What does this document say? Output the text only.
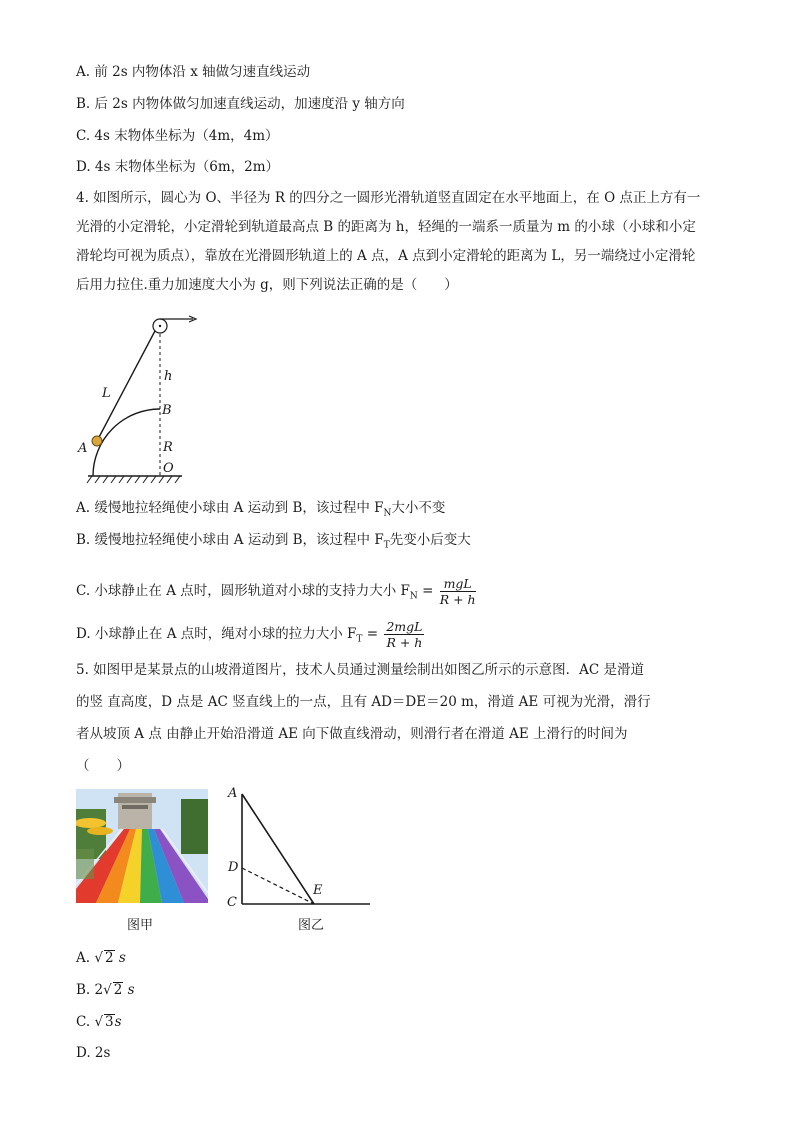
A. 前 2s 内物体沿 x 轴做匀速直线运动
B. 后 2s 内物体做匀加速直线运动，加速度沿 y 轴方向
C. 4s 末物体坐标为（4m，4m）
D. 4s 末物体坐标为（6m，2m）
4. 如图所示，圆心为 O、半径为 R 的四分之一圆形光滑轨道竖直固定在水平地面上，在 O 点正上方有一
光滑的小定滑轮，小定滑轮到轨道最高点 B 的距离为 h，轻绳的一端系一质量为 m 的小球（小球和小定
滑轮均可视为质点），靠放在光滑圆形轨道上的 A 点，A 点到小定滑轮的距离为 L，另一端绕过小定滑轮
后用力拉住.重力加速度大小为 g，则下列说法正确的是（　　）
L
h
B
R
A
O
A. 缓慢地拉轻绳使小球由 A 运动到 B，该过程中 $F_N$大小不变
B. 缓慢地拉轻绳使小球由 A 运动到 B，该过程中 $F_T$先变小后变大
C. 小球静止在 A 点时，圆形轨道对小球的支持力大小 $F_N = \frac{\text{mgL}}{R + h}$
D. 小球静止在 A 点时，绳对小球的拉力大小 $F_T = \frac{\text{2mgL}}{R + h}$
5. 如图甲是某景点的山坡滑道图片，技术人员通过测量绘制出如图乙所示的示意图．AC 是滑道
的竖 直高度，D 点是 AC 竖直线上的一点，且有 AD＝DE＝20 m，滑道 AE 可视为光滑，滑行
者从坡顶 A 点 由静止开始沿滑道 AE 向下做直线滑动，则滑行者在滑道 AE 上滑行的时间为
（　　）
图甲
A
D
C
E
图乙
A. √ 2 s
B. 2√ 2 s
C. √ 3s
D. 2s
